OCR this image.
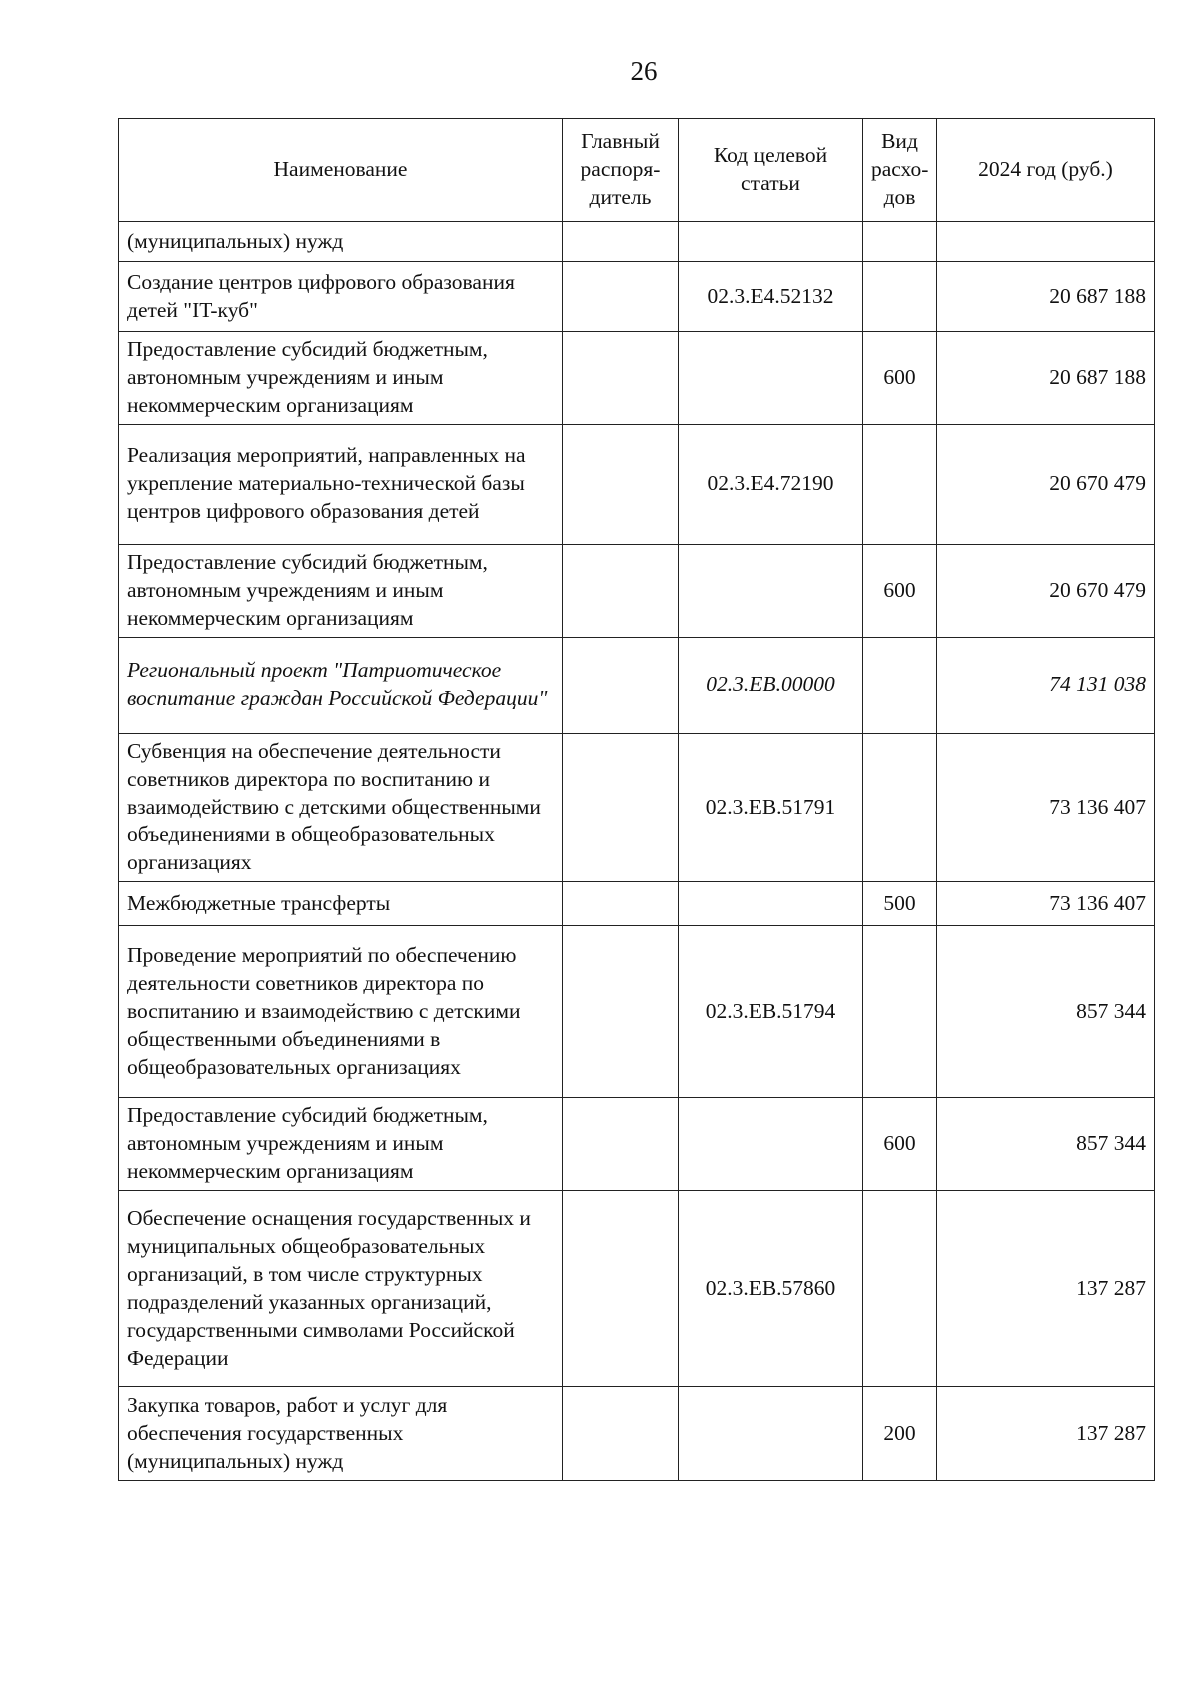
26
Наименование	Главный распоря-дитель	Код целевой статьи	Вид расхо-дов	2024 год (руб.)
(муниципальных) нужд				
Создание центров цифрового образования детей "IT-куб"		02.3.Е4.52132		20 687 188
Предоставление субсидий бюджетным, автономным учреждениям и иным некоммерческим организациям			600	20 687 188
Реализация мероприятий, направленных на укрепление материально-технической базы центров цифрового образования детей		02.3.Е4.72190		20 670 479
Предоставление субсидий бюджетным, автономным учреждениям и иным некоммерческим организациям			600	20 670 479
Региональный проект "Патриотическое воспитание граждан Российской Федерации"		02.3.ЕВ.00000		74 131 038
Субвенция на обеспечение деятельности советников директора по воспитанию и взаимодействию с детскими общественными объединениями в общеобразовательных организациях		02.3.ЕВ.51791		73 136 407
Межбюджетные трансферты			500	73 136 407
Проведение мероприятий по обеспечению деятельности советников директора по воспитанию и взаимодействию с детскими общественными объединениями в общеобразовательных организациях		02.3.ЕВ.51794		857 344
Предоставление субсидий бюджетным, автономным учреждениям и иным некоммерческим организациям			600	857 344
Обеспечение оснащения государственных и муниципальных общеобразовательных организаций, в том числе структурных подразделений указанных организаций, государственными символами Российской Федерации		02.3.ЕВ.57860		137 287
Закупка товаров, работ и услуг для обеспечения государственных (муниципальных) нужд			200	137 287
